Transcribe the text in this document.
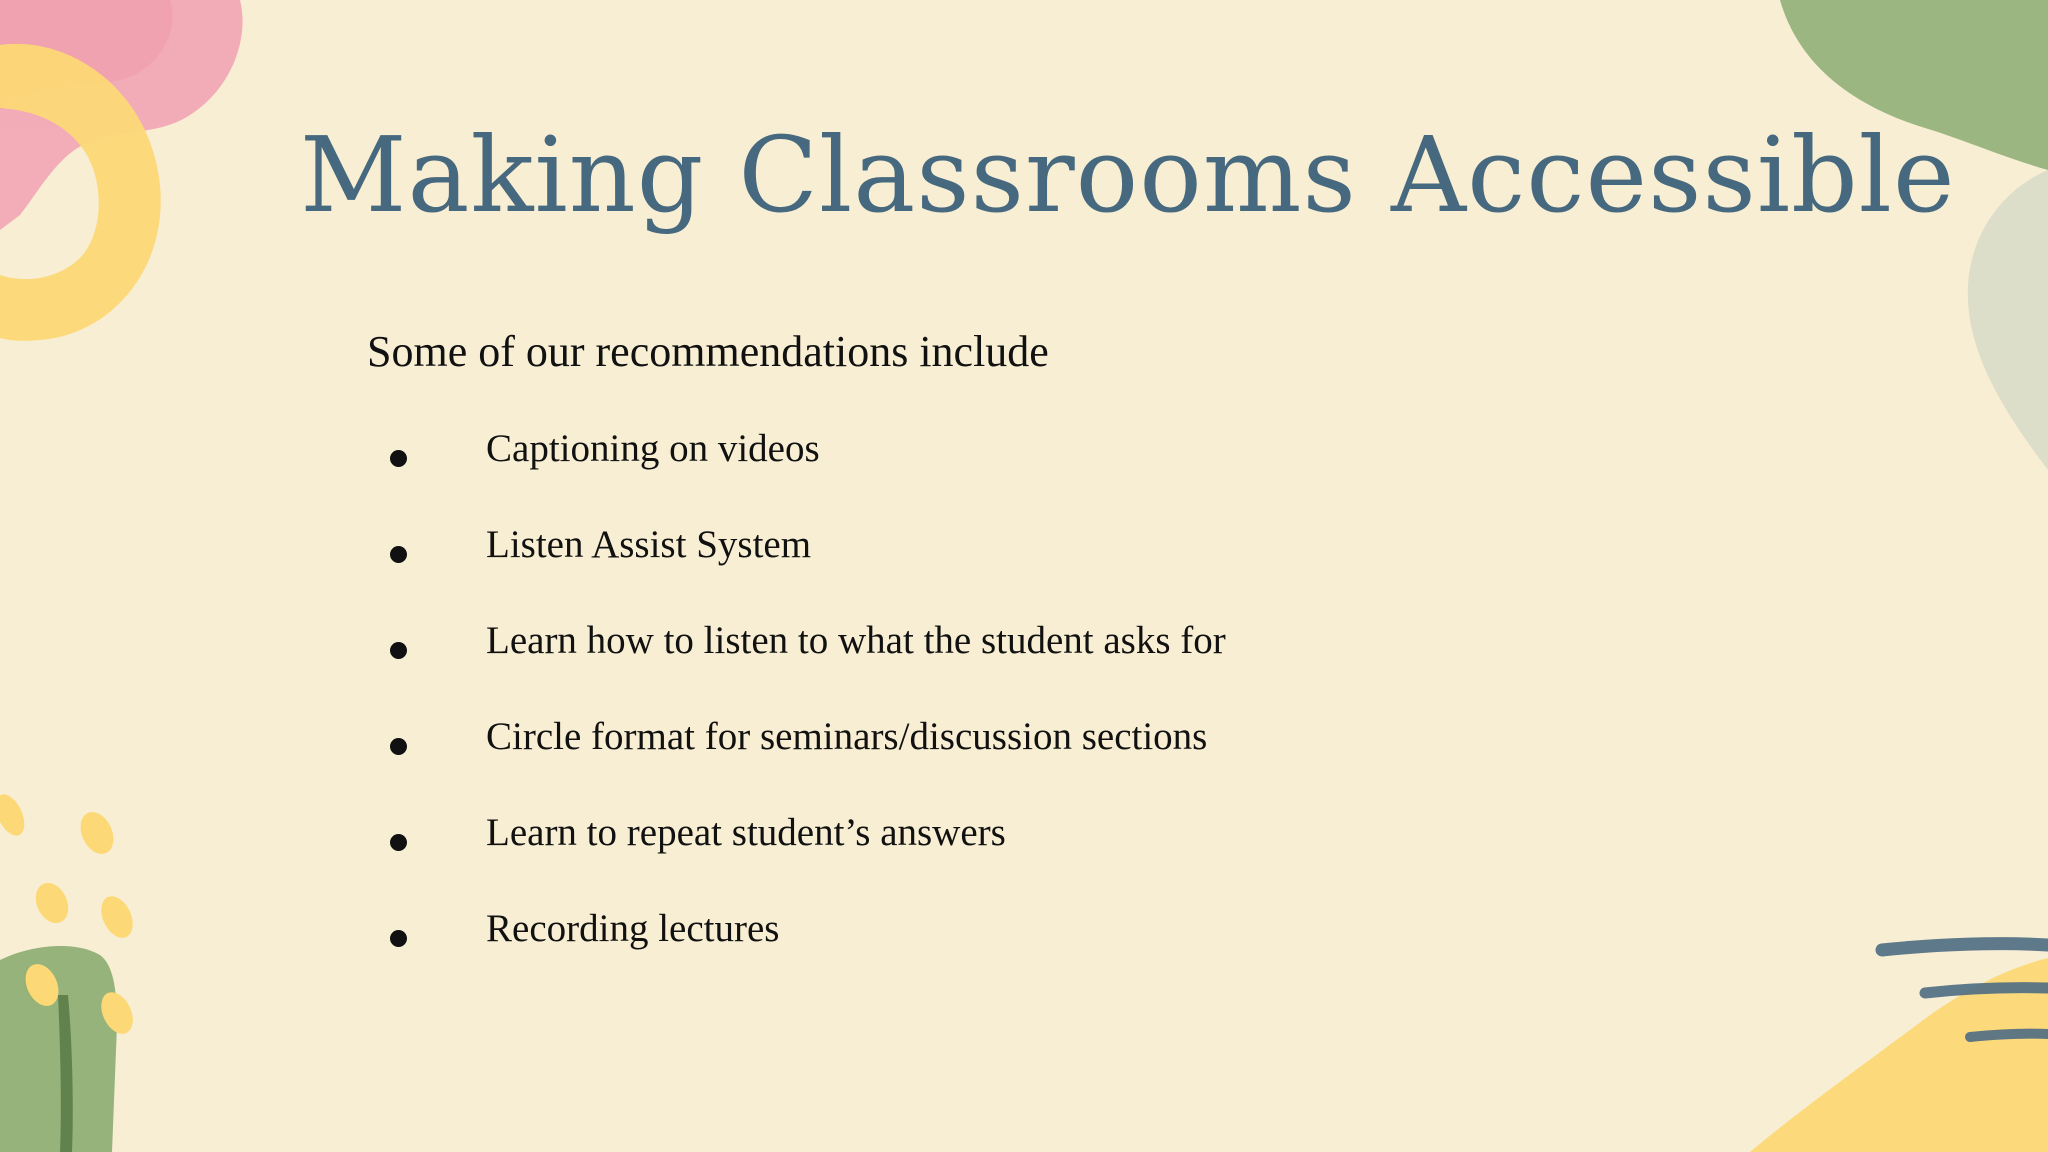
Making Classrooms Accessible

Some of our recommendations include

Captioning on videos
Listen Assist System
Learn how to listen to what the student asks for
Circle format for seminars/discussion sections
Learn to repeat student’s answers
Recording lectures
